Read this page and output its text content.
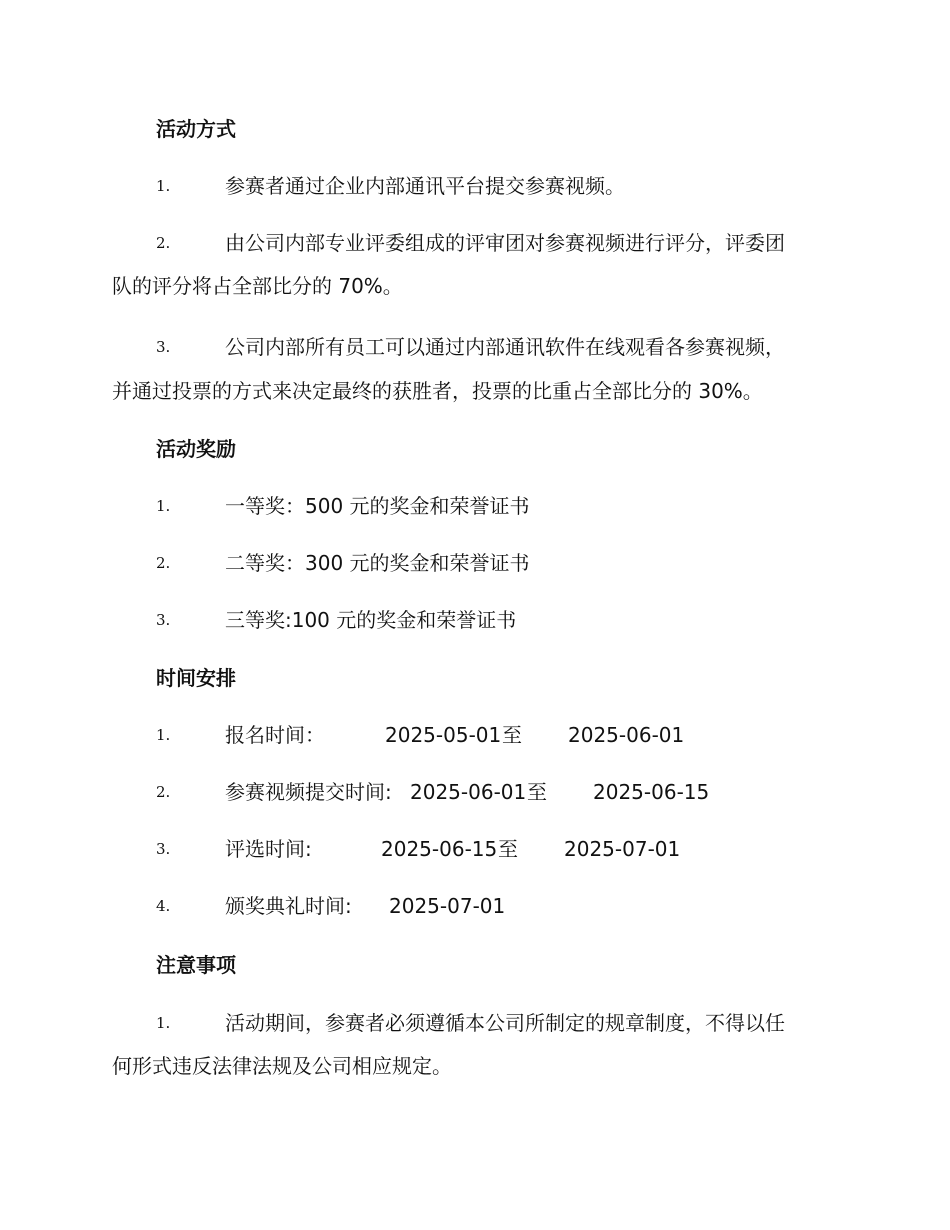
活动方式
1.	参赛者通过企业内部通讯平台提交参赛视频。
2.	由公司内部专业评委组成的评审团对参赛视频进行评分，评委团
队的评分将占全部比分的 70%。
3.	公司内部所有员工可以通过内部通讯软件在线观看各参赛视频，
并通过投票的方式来决定最终的获胜者，投票的比重占全部比分的 30%。
活动奖励
1.	一等奖：500 元的奖金和荣誉证书
2.	二等奖：300 元的奖金和荣誉证书
3.	三等奖:100 元的奖金和荣誉证书
时间安排
1.	报名时间：	2025-05-01 至 2025-06-01
2.	参赛视频提交时间: 2025-06-01 至 2025-06-15
3.	评选时间:	2025-06-15 至 2025-07-01
4.	颁奖典礼时间: 2025-07-01
注意事项
1.	活动期间，参赛者必须遵循本公司所制定的规章制度，不得以任
何形式违反法律法规及公司相应规定。
